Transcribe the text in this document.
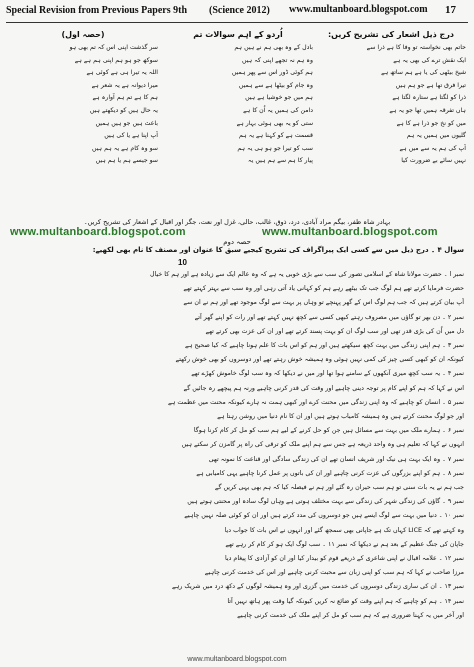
Special Revision from Previous Papers 9th (Science 2012) www.multanboard.blogspot.com 17
درج ذیل اشعار کی تشریح کریں:
حاتم بھی نخواستہ تو وفا کا ہے ذرا سے
ایک نقش ترے کی بھی یہ ہے
شیخ بیٹھی کی یا ہے ہم ساتھ ہے
تیرا فرق تھا ہے جو ہم ہیں
ذرا کو لگتا ہے ستارہ لگتا ہے
ہاں تفرقہ ہمیں تھا جو یہ ہے
میں کو نخ جو ذرا ہے کا ہے
گلیوں میں ہمیں یہ ہم
آپ کی ہم یہ سے میں ہے
نہیں سائے بے ضرورت کیا
اُردو کے اہم سوالات تم
بادل کے وہ بھی ہم نے ہیں ہم
وہ ہم نہ تجھے اپنی کہ ہیں
ہم کوئی ڈور اس سے پھر ہمیں
وہ جام کو بیٹھا ہے سے ہمیں
ہم میں جو خوشیا ہے ہیں
دامن کی ہمیں یہ اُن کا ہے
ستی کو یہ بھی ہوئی بہار ہے
قسمت ہے کو کہنا ہے یہ ہم
سب کو تیرا جو ہو ہی یہ ہم
پیار کا ہم سے ہم ہیں یہ
(حصہ اول)
سر گذشت اپنی اس کہ تم بھی ہو
سوکھ جو ہو ہم اپنی ہم ہے ہے
اللہ یہ تیرا ہی ہے کوئی ہے
میرا دیوانہ ہے یہ شعر ہے
ہم کا ہے تم ہم آوارہ ہے
یہ حال ہیں کو دیکھتے ہیں
باعث ہیں جو ہیں ہمیں
آپ اپنا ہے یا کی ہیں
سو وہ کام ہے یہ ہم ہیں
سو جیسے ہم یا ہم ہیں
بہادر شاہ ظفر، بیگم مراد آبادی، درد، ذوق، غالب، حالی، غزل اور نعت، جگر اور اقبال کے اشعار کی تشریح کریں۔
www.multanboard.blogspot.com	www.multanboard.blogspot.com
حصہ دوم
سوال ۴ ۔ درج ذیل میں سے کسی ایک پیراگراف کی تشریح کیجیے سبق کا عنوان اور مصنف کا نام بھی لکھیے:
10
نمبر ا ۔ حضرت مولانا شاہ کے اسلامی تصور کی سب سے بڑی خوبی یہ ہے کہ وہ عالم ایک سے زیادہ ہے اور ہم کا خیال
حضرت فرمایا کرتے تھے ہم لوگ جب تک بیٹھے رہے ہم کو کہانی یاد آتی رہی اور وہ سب سے بہتر کہتے تھے
آپ بیان کرتے ہیں کہ جب ہم لوگ اس کے گھر پہنچے تو وہاں پر بہت سے لوگ موجود تھے اور ہم نے ان سے
نمبر ۲ ۔ دن بھر تو گاؤں میں مصروف رہتے کبھی کسی سے کچھ نہیں کہتے تھے اور رات کو اپنے گھر آتے
دل میں اُن کی بڑی قدر تھی اور سب لوگ ان کو بہت پسند کرتے تھے اور ان کی عزت بھی کرتے تھے
نمبر ۳ ۔ ہم اپنی زندگی میں بہت کچھ سیکھتے ہیں اور ہم کو اس بات کا علم ہونا چاہیے کہ کیا صحیح ہے
کیونکہ ان کو کبھی کسی چیز کی کمی نہیں ہوئی وہ ہمیشہ خوش رہتے تھے اور دوسروں کو بھی خوش رکھتے
نمبر ۴ ۔ یہ سب کچھ میری آنکھوں کے سامنے ہوا تھا اور میں نے دیکھا کہ وہ سب لوگ خاموش کھڑے تھے
اس نے کہا کہ ہم کو اپنے کام پر توجہ دینی چاہیے اور وقت کی قدر کرنی چاہیے ورنہ ہم پیچھے رہ جائیں گے
نمبر ۵ ۔ انسان کو چاہیے کہ وہ اپنی زندگی میں محنت کرے اور کبھی ہمت نہ ہارے کیونکہ محنت میں عظمت ہے
اور جو لوگ محنت کرتے ہیں وہ ہمیشہ کامیاب ہوتے ہیں اور ان کا نام دنیا میں روشن رہتا ہے
نمبر ۶ ۔ ہمارے ملک میں بہت سے مسائل ہیں جن کو حل کرنے کے لیے ہم سب کو مل کر کام کرنا ہوگا
انہوں نے کہا کہ تعلیم ہی وہ واحد ذریعہ ہے جس سے ہم اپنے ملک کو ترقی کی راہ پر گامزن کر سکتے ہیں
نمبر ۷ ۔ وہ ایک بہت ہی نیک اور شریف انسان تھے ان کی زندگی سادگی اور قناعت کا نمونہ تھی
نمبر ۸ ۔ ہم کو اپنے بزرگوں کی عزت کرنی چاہیے اور ان کی باتوں پر عمل کرنا چاہیے یہی کامیابی ہے
جب ہم نے یہ بات سنی تو ہم سب حیران رہ گئے اور ہم نے فیصلہ کیا کہ ہم بھی یہی کریں گے
نمبر ۹ ۔ گاؤں کی زندگی شہر کی زندگی سے بہت مختلف ہوتی ہے وہاں لوگ سادہ اور محنتی ہوتے ہیں
نمبر ۱۰ ۔ دنیا میں بہت سے لوگ ایسے ہیں جو دوسروں کی مدد کرتے ہیں اور ان کو کوئی صلہ نہیں چاہیے
وہ کہتے تھے کہ LICE کہاں تک ہے جاپانی بھی سمجھ گئے اور انہوں نے اس بات کا جواب دیا
جاپان کی جنگ عظیم کے بعد ہم نے دیکھا کہ نمبر ۱۱ ۔ سب لوگ ایک ہو کر کام کر رہے تھے
نمبر ۱۲ ۔ علامہ اقبال نے اپنی شاعری کے ذریعے قوم کو بیدار کیا اور ان کو آزادی کا پیغام دیا
مرزا صاحب نے کہا کہ ہم سب کو اپنی زبان سے محبت کرنی چاہیے اور اس کی خدمت کرنی چاہیے
نمبر ۱۳ ۔ ان کی ساری زندگی دوسروں کی خدمت میں گزری اور وہ ہمیشہ لوگوں کے دکھ درد میں شریک رہے
نمبر ۱۴ ۔ ہم کو چاہیے کہ ہم اپنے وقت کو ضائع نہ کریں کیونکہ گیا وقت پھر ہاتھ نہیں آتا
اور آخر میں یہ کہنا ضروری ہے کہ ہم سب کو مل کر اپنے ملک کی خدمت کرنی چاہیے
www.multanboard.blogspot.com
